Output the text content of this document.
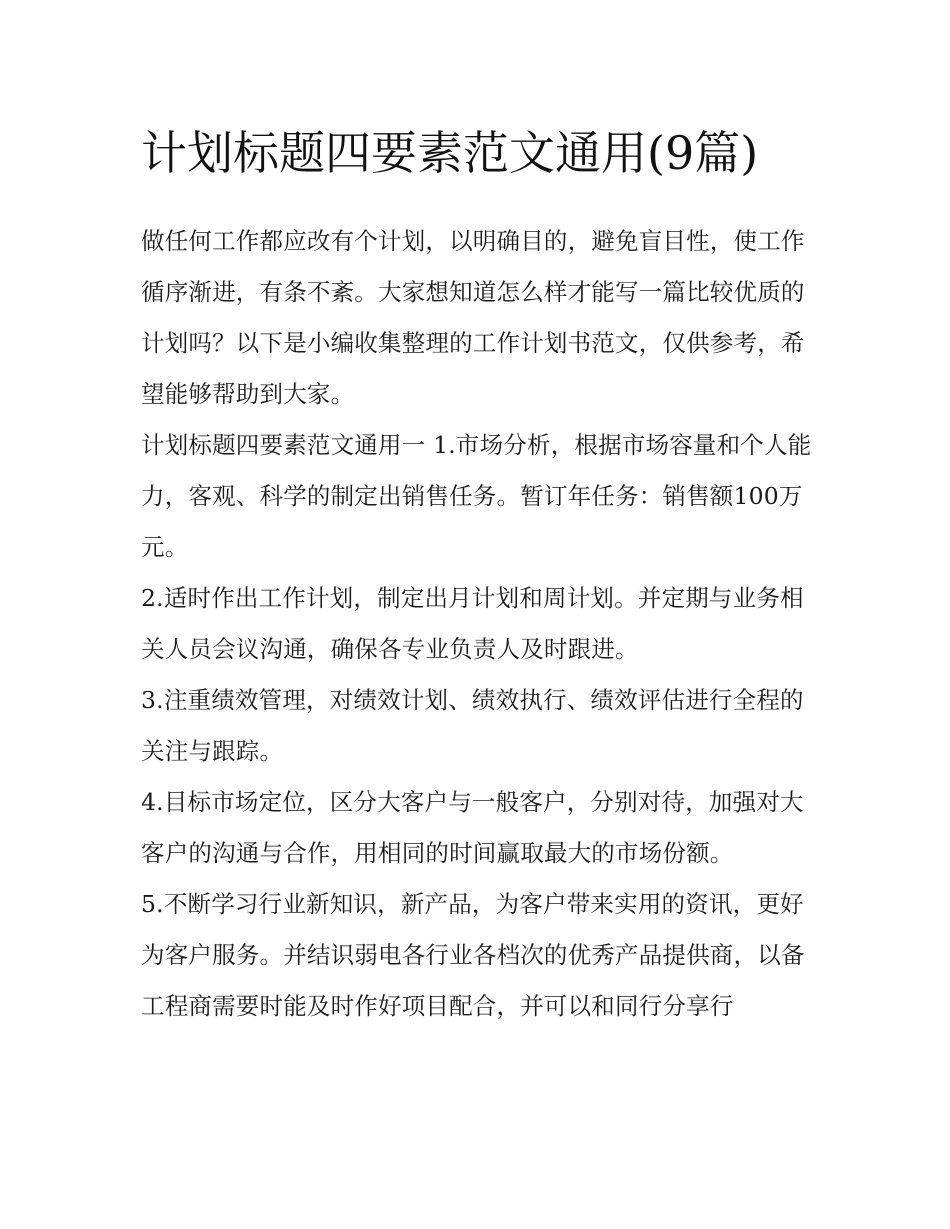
计划标题四要素范文通用(9篇)

做任何工作都应改有个计划，以明确目的，避免盲目性，使工作循序渐进，有条不紊。大家想知道怎么样才能写一篇比较优质的计划吗？以下是小编收集整理的工作计划书范文，仅供参考，希望能够帮助到大家。

计划标题四要素范文通用一 1.市场分析，根据市场容量和个人能力，客观、科学的制定出销售任务。暂订年任务：销售额100万元。

2.适时作出工作计划，制定出月计划和周计划。并定期与业务相关人员会议沟通，确保各专业负责人及时跟进。

3.注重绩效管理，对绩效计划、绩效执行、绩效评估进行全程的关注与跟踪。

4.目标市场定位，区分大客户与一般客户，分别对待，加强对大客户的沟通与合作，用相同的时间赢取最大的市场份额。

5.不断学习行业新知识，新产品，为客户带来实用的资讯，更好为客户服务。并结识弱电各行业各档次的优秀产品提供商，以备工程商需要时能及时作好项目配合，并可以和同行分享行
